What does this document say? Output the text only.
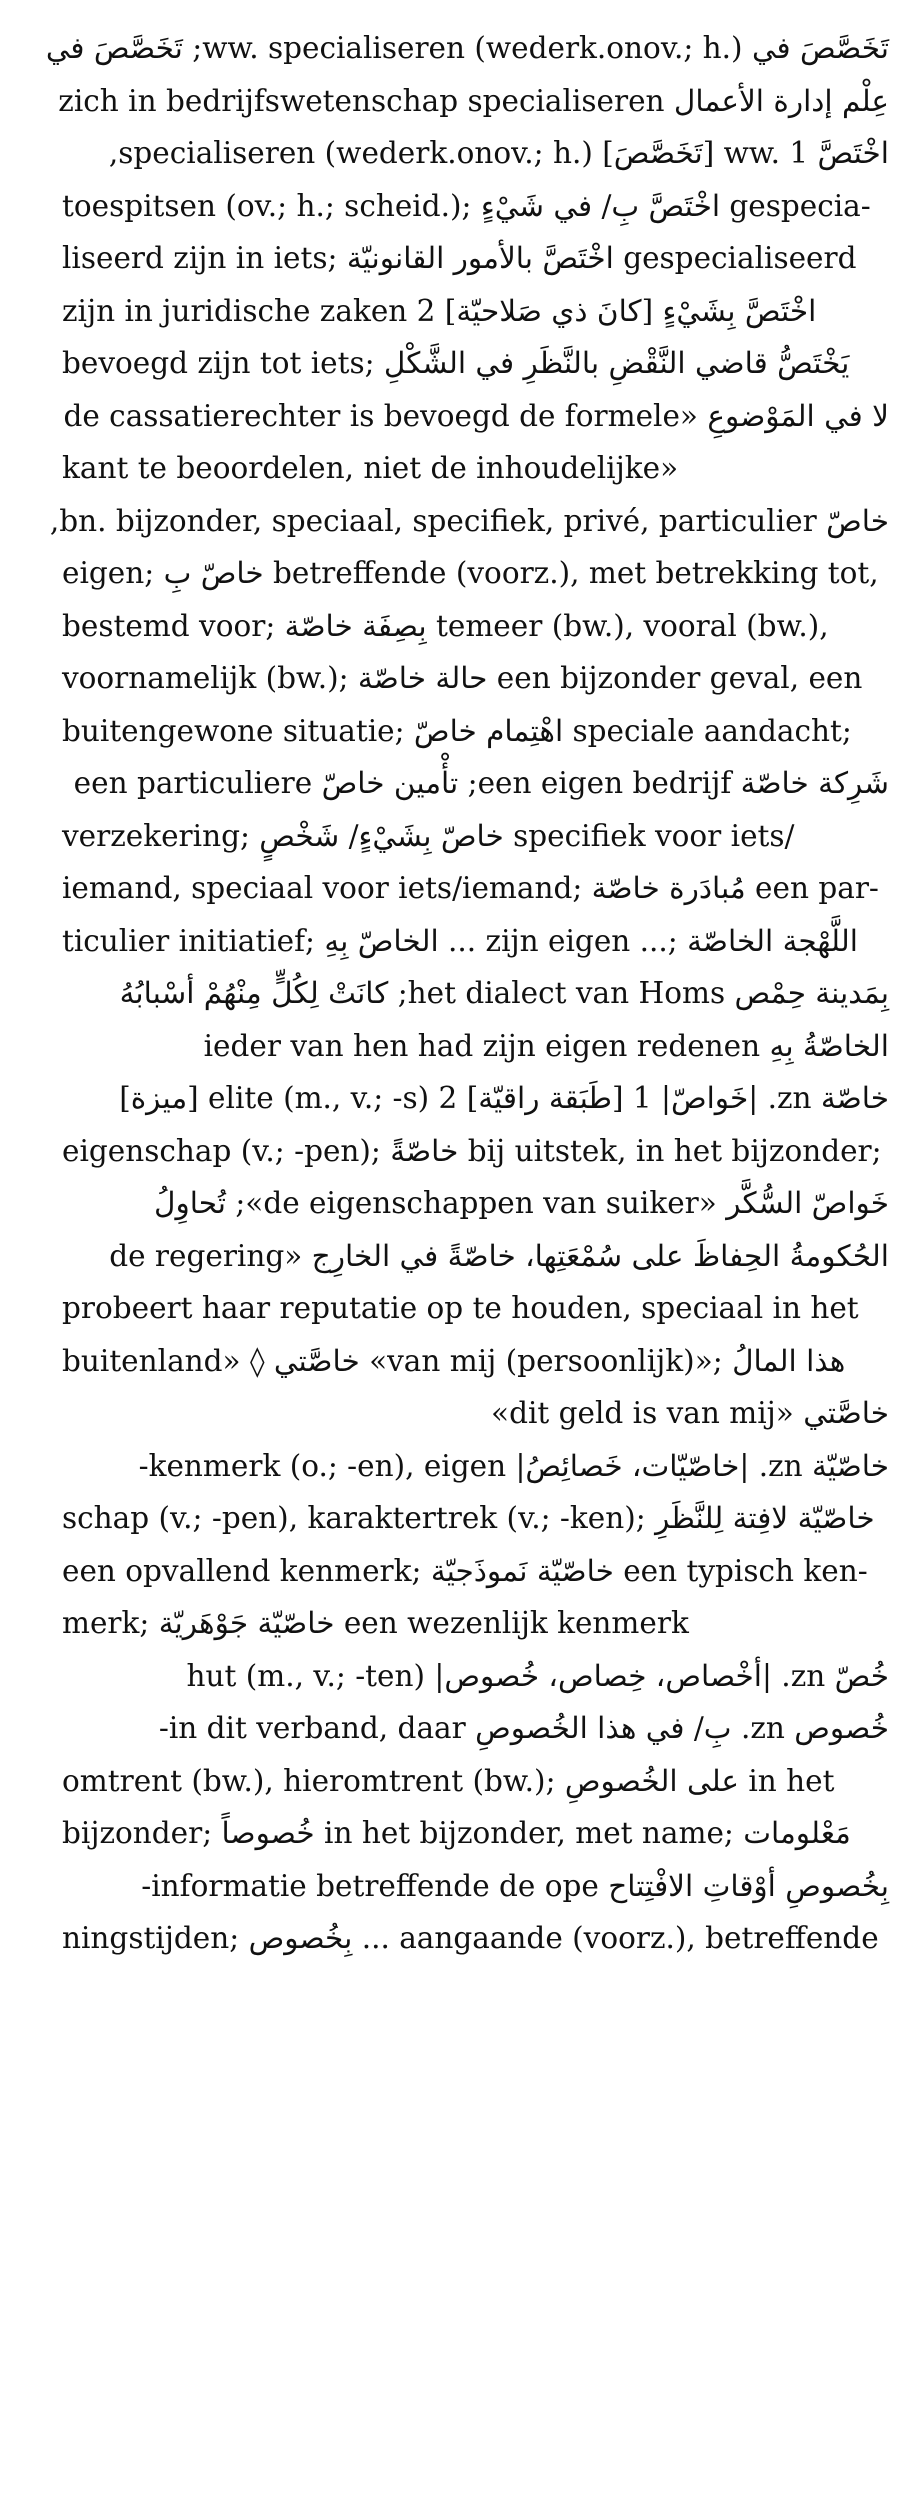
تَخَصَّصَ في ww. specialiseren (wederk.onov.; h.); تَخَصَّصَ في
عِلْم إدارة الأعمال zich in bedrijfswetenschap specialiseren
اخْتَصَّ ww. 1 [تَخَصَّصَ] specialiseren (wederk.onov.; h.),
toespitsen (ov.; h.; scheid.); اخْتَصَّ بِ/ في شَيْءٍ gespecia-
liseerd zijn in iets; اخْتَصَّ بالأمور القانونيّة gespecialiseerd
zijn in juridische zaken 2 [كانَ ذي صَلاحيّة] اخْتَصَّ بِشَيْءٍ
bevoegd zijn tot iets; يَخْتَصُّ قاضي النَّقْضِ بالنَّظَرِ في الشَّكْلِ
لا في المَوْضوعِ «de cassatierechter is bevoegd de formele
kant te beoordelen, niet de inhoudelijke»
خاصّ bn. bijzonder, speciaal, specifiek, privé, particulier,
eigen; خاصّ بِ betreffende (voorz.), met betrekking tot,
bestemd voor; بِصِفَة خاصّة temeer (bw.), vooral (bw.),
voornamelijk (bw.); حالة خاصّة een bijzonder geval, een
buitengewone situatie; اهْتِمام خاصّ speciale aandacht;
شَرِكة خاصّة een eigen bedrijf; تأْمين خاصّ een particuliere
verzekering; خاصّ بِشَيْءٍ/ شَخْصٍ specifiek voor iets/
iemand, speciaal voor iets/iemand; مُبادَرة خاصّة een par-
ticulier initiatief; الخاصّ بِهِ ... zijn eigen ...; اللَّهْجة الخاصّة
بِمَدينة حِمْص het dialect van Homs; كانَتْ لِكُلٍّ مِنْهُمْ أسْبابُهُ
الخاصّةُ بِهِ ieder van hen had zijn eigen redenen
خاصّة zn. |خَواصّ| 1 [طَبَقة راقيّة] elite (m., v.; -s) 2 [ميزة]
eigenschap (v.; -pen); خاصّةً bij uitstek, in het bijzonder;
خَواصّ السُّكَّر «de eigenschappen van suiker»; تُحاوِلُ
الحُكومةُ الحِفاظَ على سُمْعَتِها، خاصّةً في الخارِج «de regering
probeert haar reputatie op te houden, speciaal in het
buitenland» ◊ خاصَّتي «van mij (persoonlijk)»; هذا المالُ
خاصَّتي «dit geld is van mij»
خاصّيّة zn. |خاصّيّات، خَصائِصُ| kenmerk (o.; -en), eigen-
schap (v.; -pen), karaktertrek (v.; -ken); خاصّيّة لافِتة لِلنَّظَرِ
een opvallend kenmerk; خاصّيّة نَموذَجيّة een typisch ken-
merk; خاصّيّة جَوْهَريّة een wezenlijk kenmerk
خُصّ zn. |أخْصاص، خِصاص، خُصوص| hut (m., v.; -ten)
خُصوص zn. بِ/ في هذا الخُصوصِ in dit verband, daar-
omtrent (bw.), hieromtrent (bw.); على الخُصوصِ in het
bijzonder; خُصوصاً in het bijzonder, met name; مَعْلومات
بِخُصوصِ أوْقاتِ الافْتِتاح informatie betreffende de ope-
ningstijden; بِخُصوص ... aangaande (voorz.), betreffende
